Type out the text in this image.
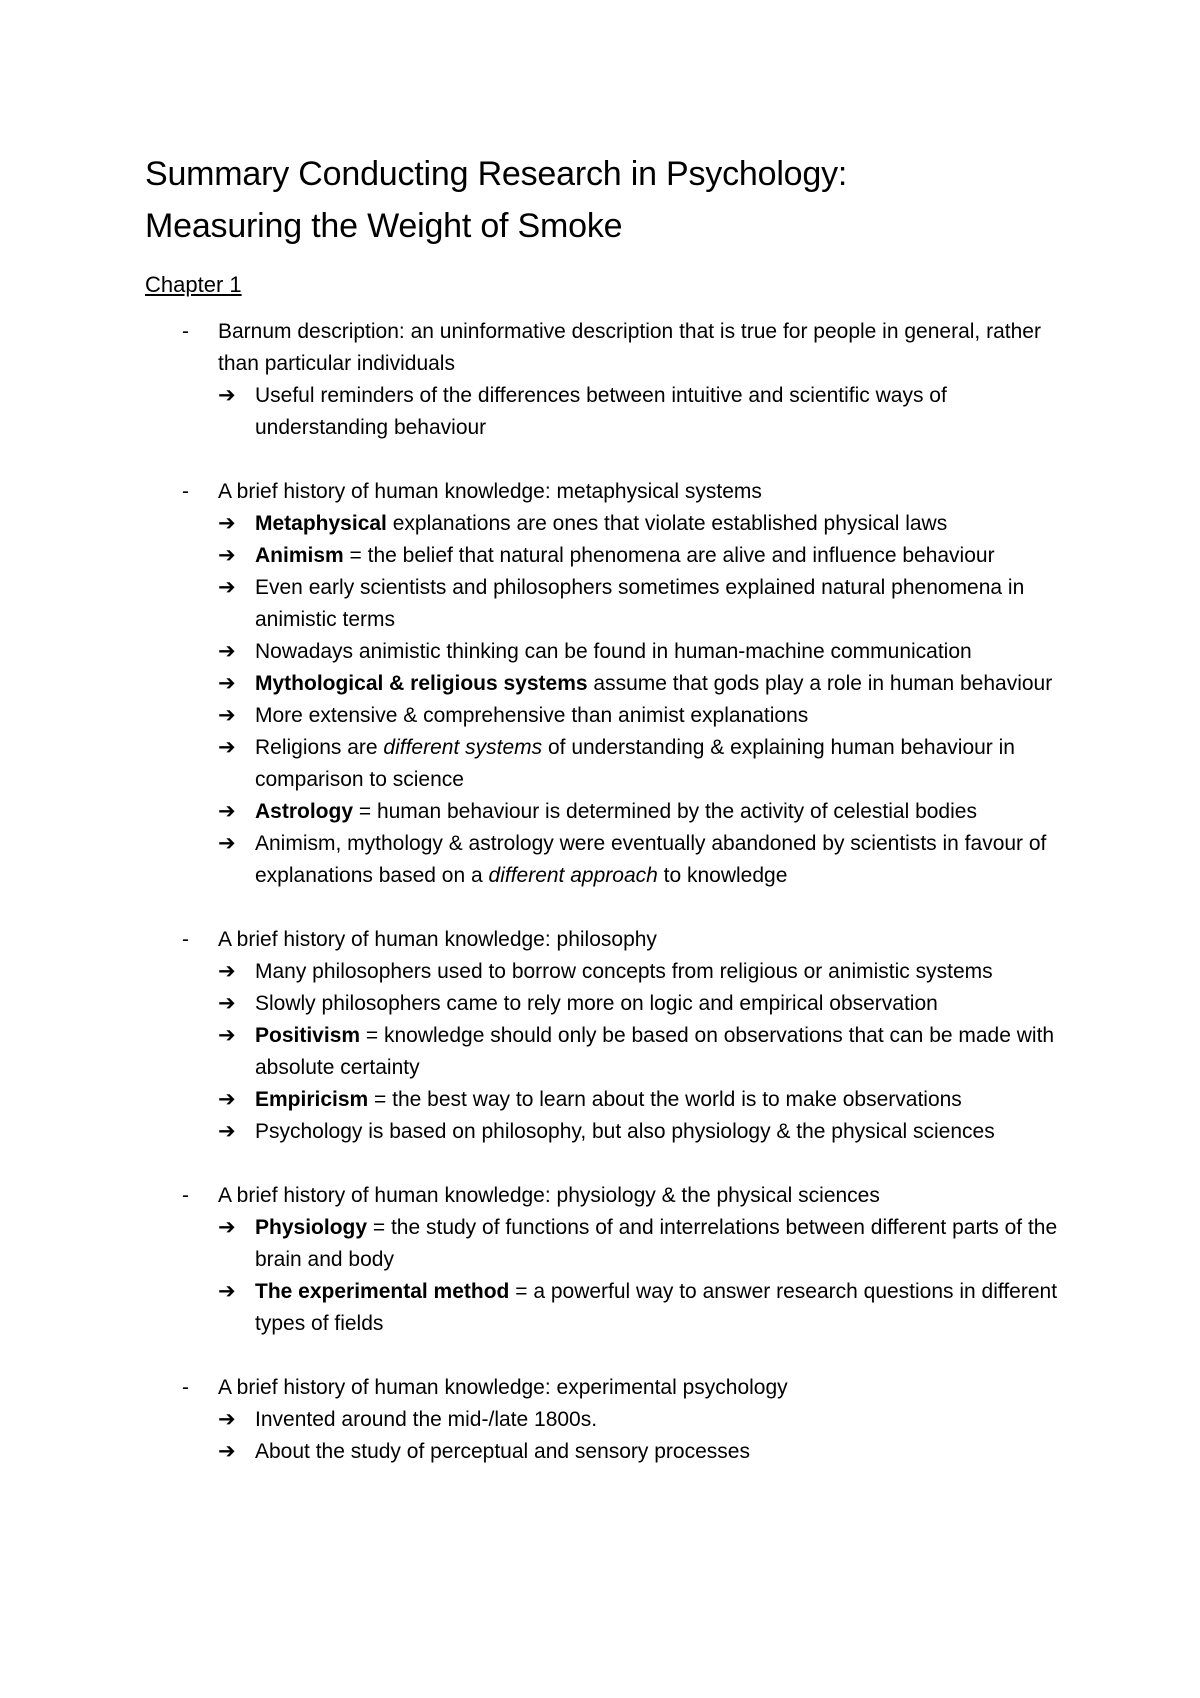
Summary Conducting Research in Psychology:
Measuring the Weight of Smoke
Chapter 1
- Barnum description: an uninformative description that is true for people in general, rather than particular individuals
➔
Useful reminders of the differences between intuitive and scientific ways of understanding behaviour
- A brief history of human knowledge: metaphysical systems
➔
Metaphysical explanations are ones that violate established physical laws
➔
Animism = the belief that natural phenomena are alive and influence behaviour
➔
Even early scientists and philosophers sometimes explained natural phenomena in animistic terms
➔
Nowadays animistic thinking can be found in human-machine communication
➔
Mythological & religious systems assume that gods play a role in human behaviour
➔
More extensive & comprehensive than animist explanations
➔
Religions are different systems of understanding & explaining human behaviour in comparison to science
➔
Astrology = human behaviour is determined by the activity of celestial bodies
➔
Animism, mythology & astrology were eventually abandoned by scientists in favour of explanations based on a different approach to knowledge
- A brief history of human knowledge: philosophy
➔
Many philosophers used to borrow concepts from religious or animistic systems
➔
Slowly philosophers came to rely more on logic and empirical observation
➔
Positivism = knowledge should only be based on observations that can be made with absolute certainty
➔
Empiricism = the best way to learn about the world is to make observations
➔
Psychology is based on philosophy, but also physiology & the physical sciences
- A brief history of human knowledge: physiology & the physical sciences
➔
Physiology = the study of functions of and interrelations between different parts of the brain and body
➔
The experimental method = a powerful way to answer research questions in different types of fields
- A brief history of human knowledge: experimental psychology
➔
Invented around the mid-/late 1800s.
➔
About the study of perceptual and sensory processes
